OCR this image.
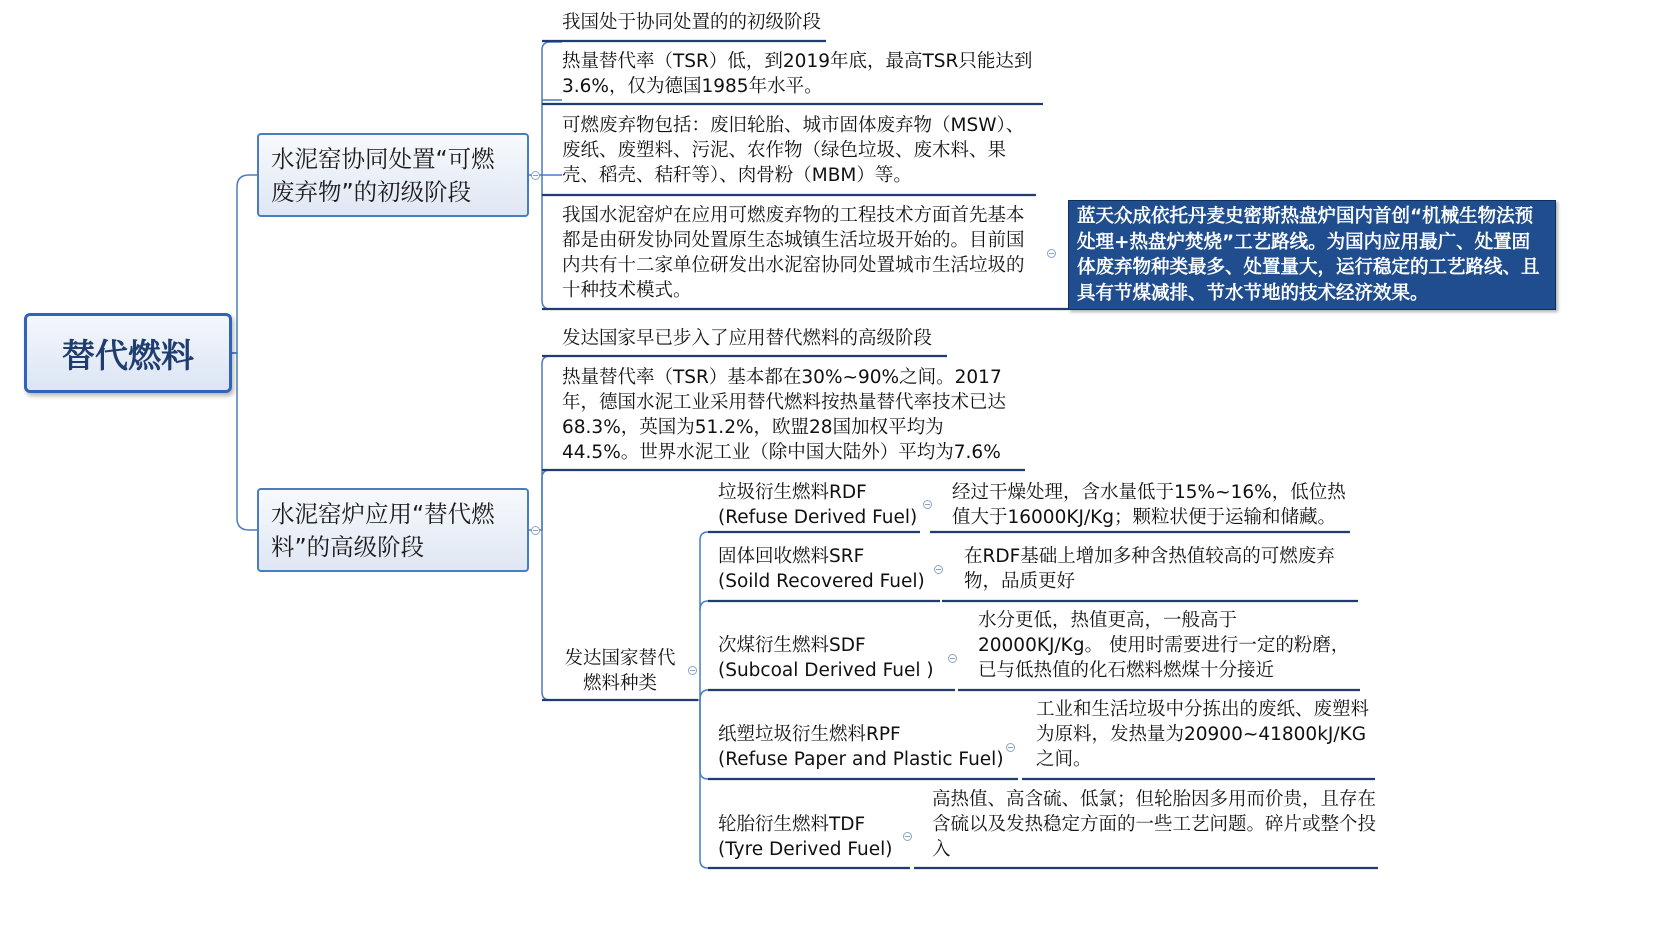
替代燃料
水泥窑协同处置“可燃废弃物”的初级阶段
水泥窑炉应用“替代燃料”的高级阶段
我国处于协同处置的的初级阶段
热量替代率（TSR）低，到2019年底，最高TSR只能达到3.6%，仅为德国1985年水平。
可燃废弃物包括：废旧轮胎、城市固体废弃物（MSW）、废纸、废塑料、污泥、农作物（绿色垃圾、废木料、果壳、稻壳、秸秆等）、肉骨粉（MBM）等。
我国水泥窑炉在应用可燃废弃物的工程技术方面首先基本都是由研发协同处置原生态城镇生活垃圾开始的。目前国内共有十二家单位研发出水泥窑协同处置城市生活垃圾的十种技术模式。
蓝天众成依托丹麦史密斯热盘炉国内首创“机械生物法预处理+热盘炉焚烧”工艺路线。为国内应用最广、处置固体废弃物种类最多、处置量大，运行稳定的工艺路线、且具有节煤减排、节水节地的技术经济效果。
发达国家早已步入了应用替代燃料的高级阶段
热量替代率（TSR）基本都在30%~90%之间。2017年，德国水泥工业采用替代燃料按热量替代率技术已达68.3%，英国为51.2%，欧盟28国加权平均为44.5%。世界水泥工业（除中国大陆外）平均为7.6%
发达国家替代燃料种类
垃圾衍生燃料RDF
(Refuse Derived Fuel)
固体回收燃料SRF
(Soild Recovered Fuel)
次煤衍生燃料SDF
(Subcoal Derived Fuel )
纸塑垃圾衍生燃料RPF
(Refuse Paper and Plastic Fuel)
轮胎衍生燃料TDF
(Tyre Derived Fuel)
经过干燥处理，含水量低于15%~16%，低位热值大于16000KJ/Kg；颗粒状便于运输和储藏。
在RDF基础上增加多种含热值较高的可燃废弃物，品质更好
水分更低，热值更高，一般高于20000KJ/Kg。 使用时需要进行一定的粉磨，已与低热值的化石燃料燃煤十分接近
工业和生活垃圾中分拣出的废纸、废塑料为原料，发热量为20900~41800kJ/KG之间。
高热值、高含硫、低氯；但轮胎因多用而价贵，且存在含硫以及发热稳定方面的一些工艺问题。碎片或整个投入
